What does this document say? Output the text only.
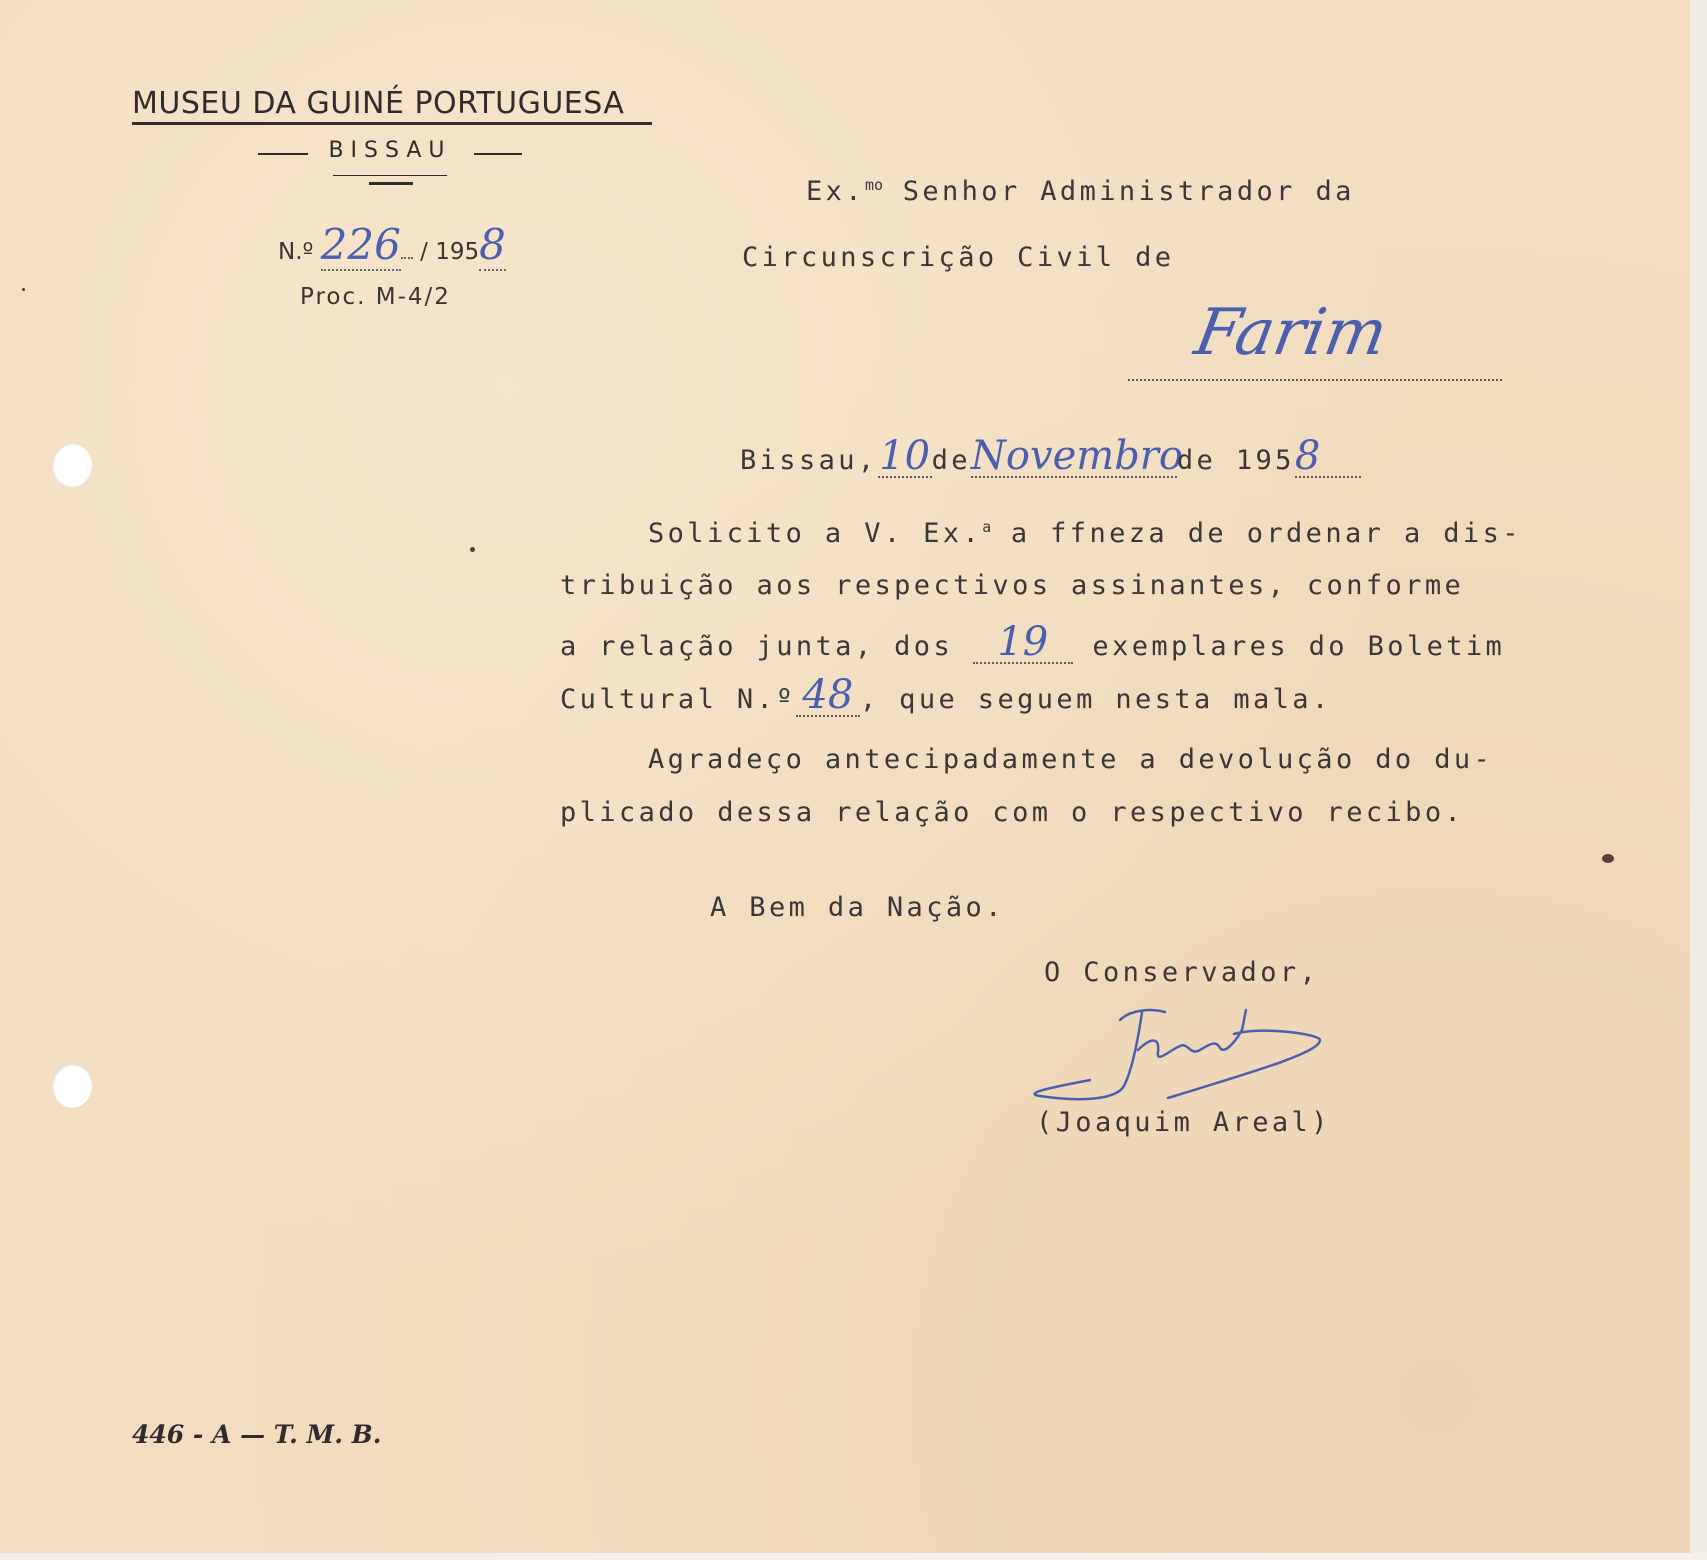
MUSEU DA GUINÉ PORTUGUESA
BISSAU
N.º 226 / 1958
Proc. M-4/2
Ex.$^{mo}$ Senhor Administrador da
Circunscrição Civil de
Farim
Bissau,10deNovembrode 1958
Solicito a V. Ex.$^a$ a ffneza de ordenar a dis-
tribuição aos respectivos assinantes, conforme
a relação junta, dos 19 exemplares do Boletim
Cultural N.º 48 , que seguem nesta mala.
Agradeço antecipadamente a devolução do du-
plicado dessa relação com o respectivo recibo.
A Bem da Nação.
O Conservador,
(Joaquim Areal)
446 - A — T. M. B.
